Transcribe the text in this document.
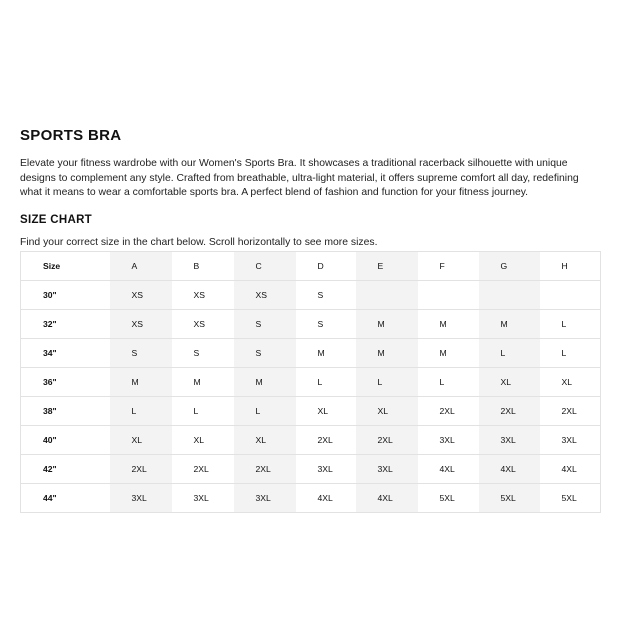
SPORTS BRA

Elevate your fitness wardrobe with our Women's Sports Bra. It showcases a traditional racerback silhouette with unique designs to complement any style. Crafted from breathable, ultra-light material, it offers supreme comfort all day, redefining what it means to wear a comfortable sports bra. A perfect blend of fashion and function for your fitness journey.

SIZE CHART

Find your correct size in the chart below. Scroll horizontally to see more sizes.

Size	A	B	C	D	E	F	G	H
30"	XS	XS	XS	S				
32"	XS	XS	S	S	M	M	M	L
34"	S	S	S	M	M	M	L	L
36"	M	M	M	L	L	L	XL	XL
38"	L	L	L	XL	XL	2XL	2XL	2XL
40"	XL	XL	XL	2XL	2XL	3XL	3XL	3XL
42"	2XL	2XL	2XL	3XL	3XL	4XL	4XL	4XL
44"	3XL	3XL	3XL	4XL	4XL	5XL	5XL	5XL
